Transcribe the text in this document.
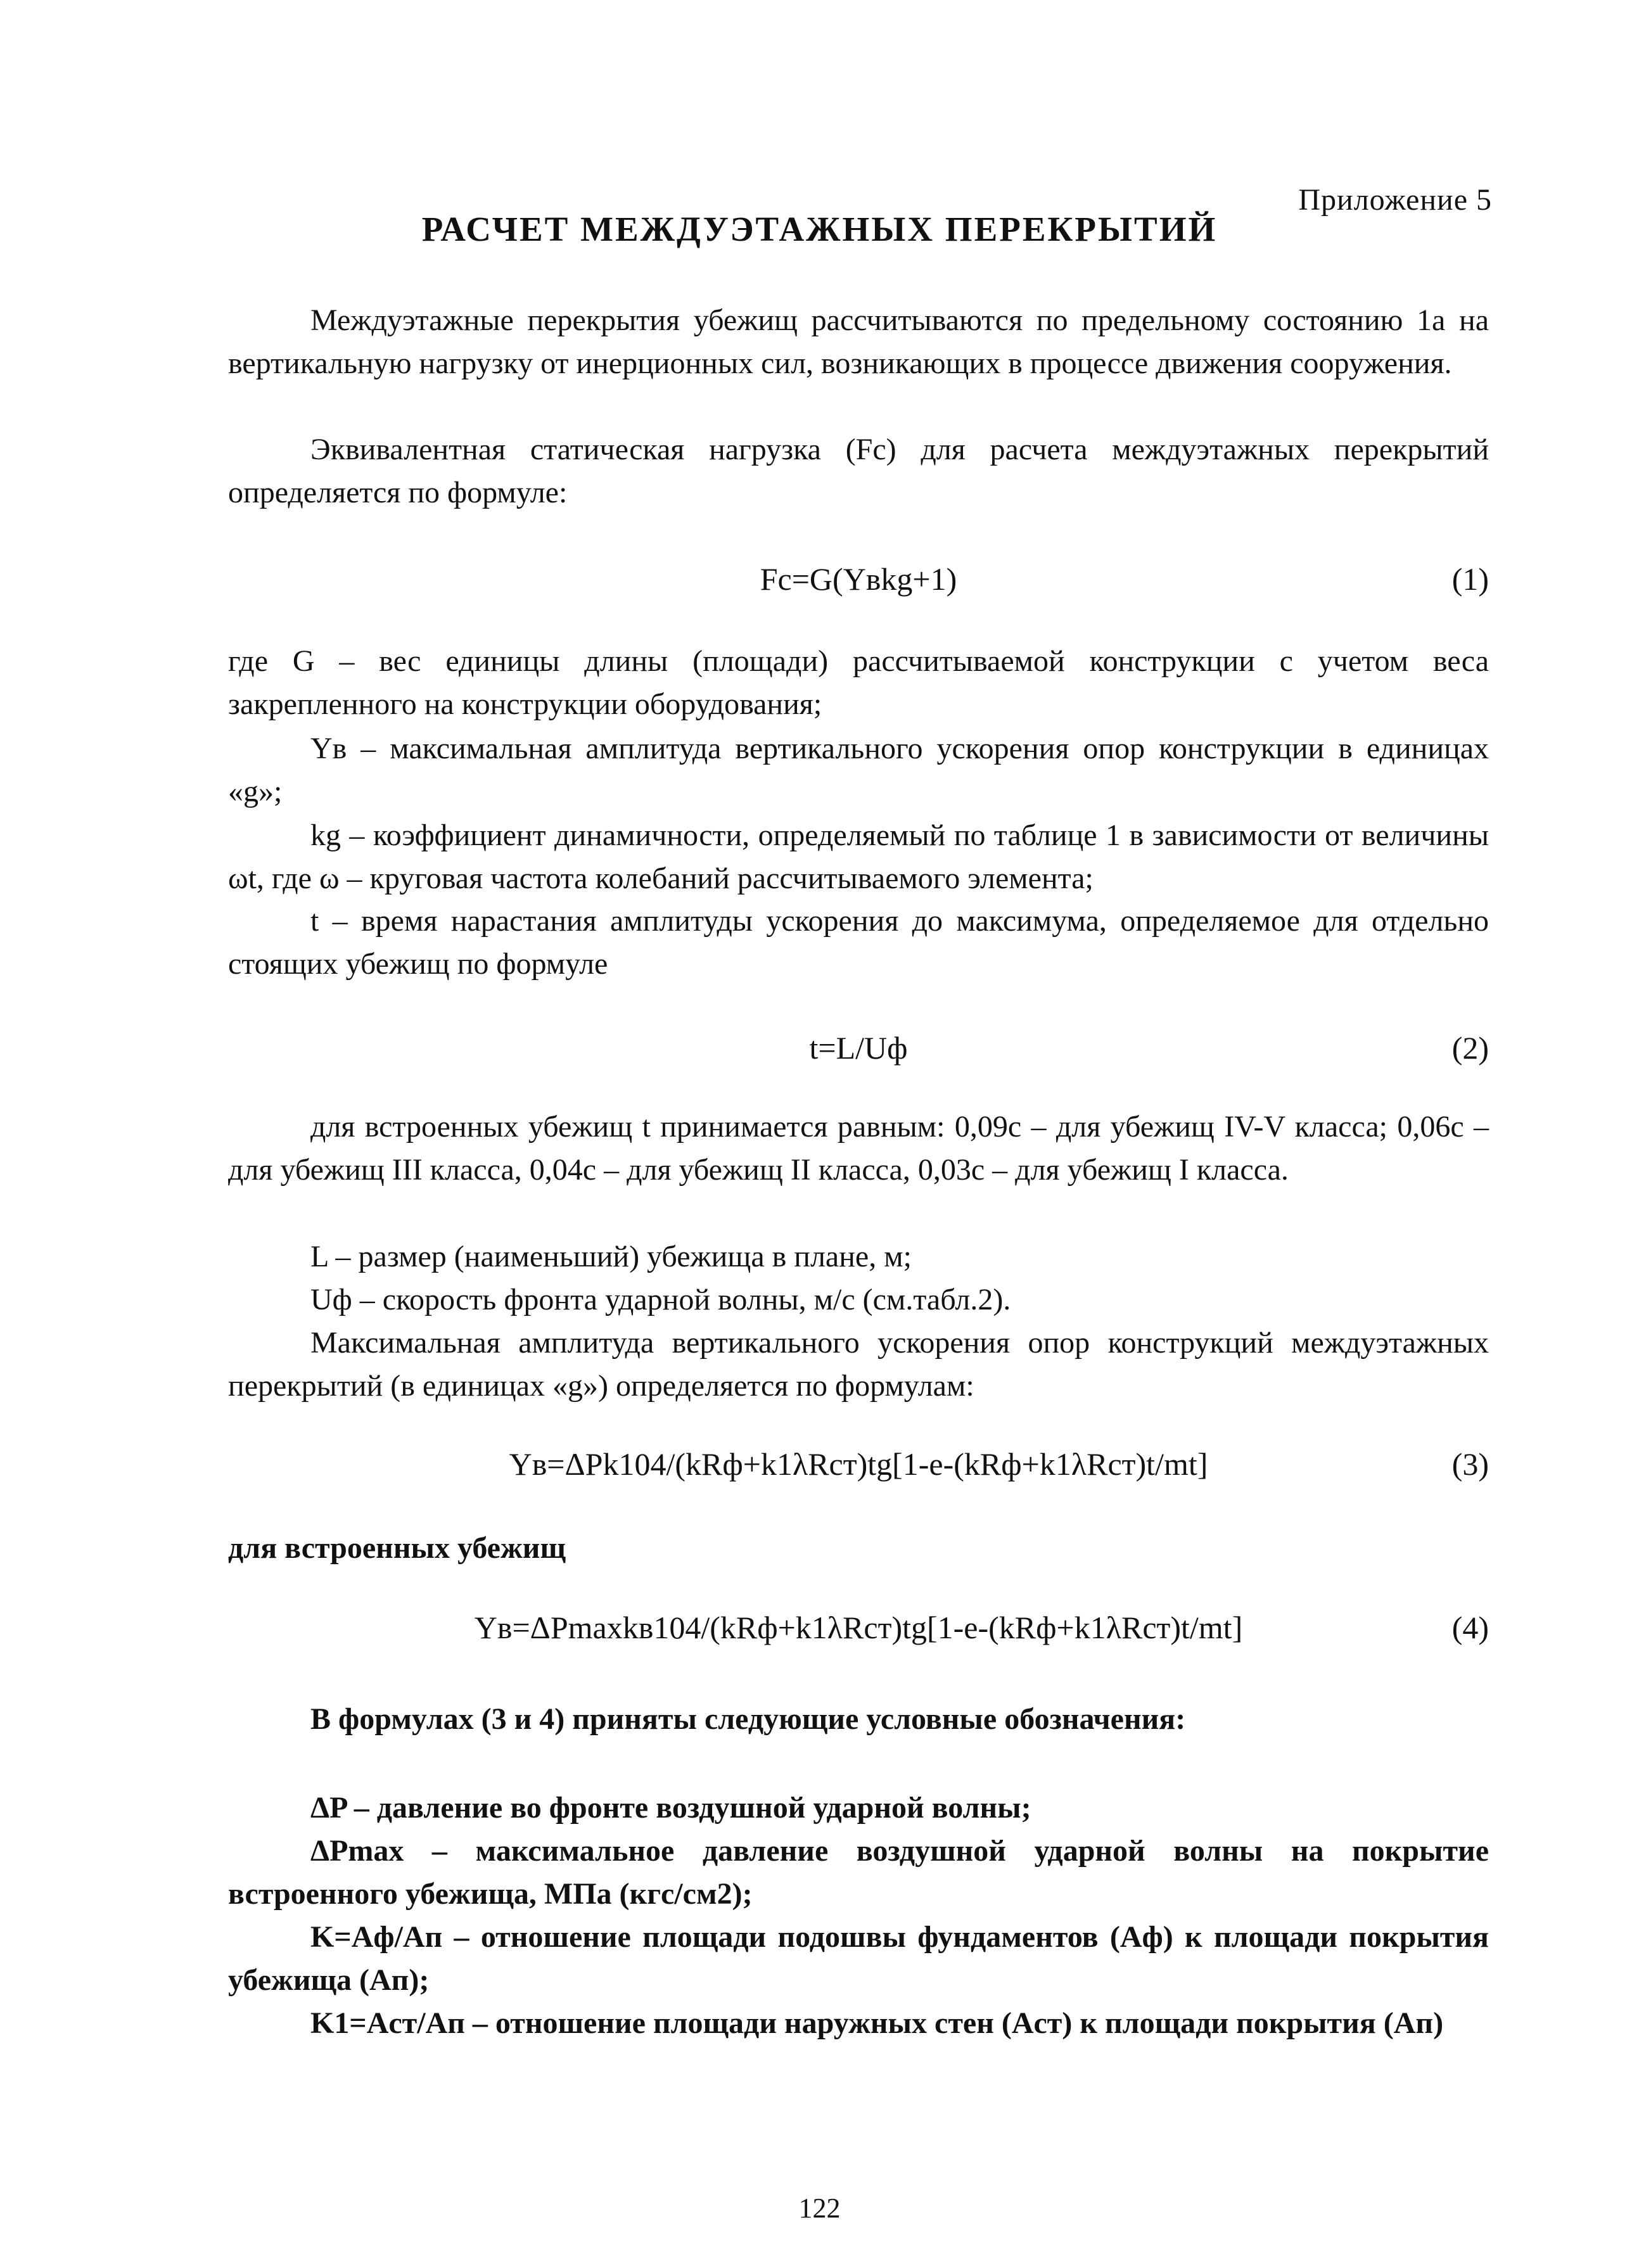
Приложение 5
РАСЧЕТ МЕЖДУЭТАЖНЫХ ПЕРЕКРЫТИЙ
Междуэтажные перекрытия убежищ рассчитываются по предельному состоянию 1а на вертикальную нагрузку от инерционных сил, возникающих в процессе движения сооружения.
Эквивалентная статическая нагрузка (Fc) для расчета междуэтажных перекрытий определяется по формуле:
Fc=G(Yвkg+1)	(1)
где G – вес единицы длины (площади) рассчитываемой конструкции с учетом веса закрепленного на конструкции оборудования;
Yв – максимальная амплитуда вертикального ускорения опор конструкции в единицах «g»;
kg – коэффициент динамичности, определяемый по таблице 1 в зависимости от величины ωt, где ω – круговая частота колебаний рассчитываемого элемента;
t – время нарастания амплитуды ускорения до максимума, определяемое для отдельно стоящих убежищ по формуле
t=L/Uф	(2)
для встроенных убежищ t принимается равным: 0,09с – для убежищ IV-V класса; 0,06с – для убежищ III класса, 0,04с – для убежищ II класса, 0,03с – для убежищ I класса.
L – размер (наименьший) убежища в плане, м;
Uф – скорость фронта ударной волны, м/с (см.табл.2).
Максимальная амплитуда вертикального ускорения опор конструкций междуэтажных перекрытий (в единицах «g») определяется по формулам:
Yв=ΔPk104/(kRф+k1λRст)tg[1-e-(kRф+k1λRст)t/mt]	(3)
для встроенных убежищ
Yв=ΔPmaxkв104/(kRф+k1λRст)tg[1-e-(kRф+k1λRст)t/mt]	(4)
В формулах (3 и 4) приняты следующие условные обозначения:
ΔP – давление во фронте воздушной ударной волны;
ΔPmax – максимальное давление воздушной ударной волны на покрытие встроенного убежища, МПа (кгс/см2);
K=Aф/Aп – отношение площади подошвы фундаментов (Aф) к площади покрытия убежища (Aп);
K1=Aст/Aп – отношение площади наружных стен (Aст) к площади покрытия (Aп)
122
